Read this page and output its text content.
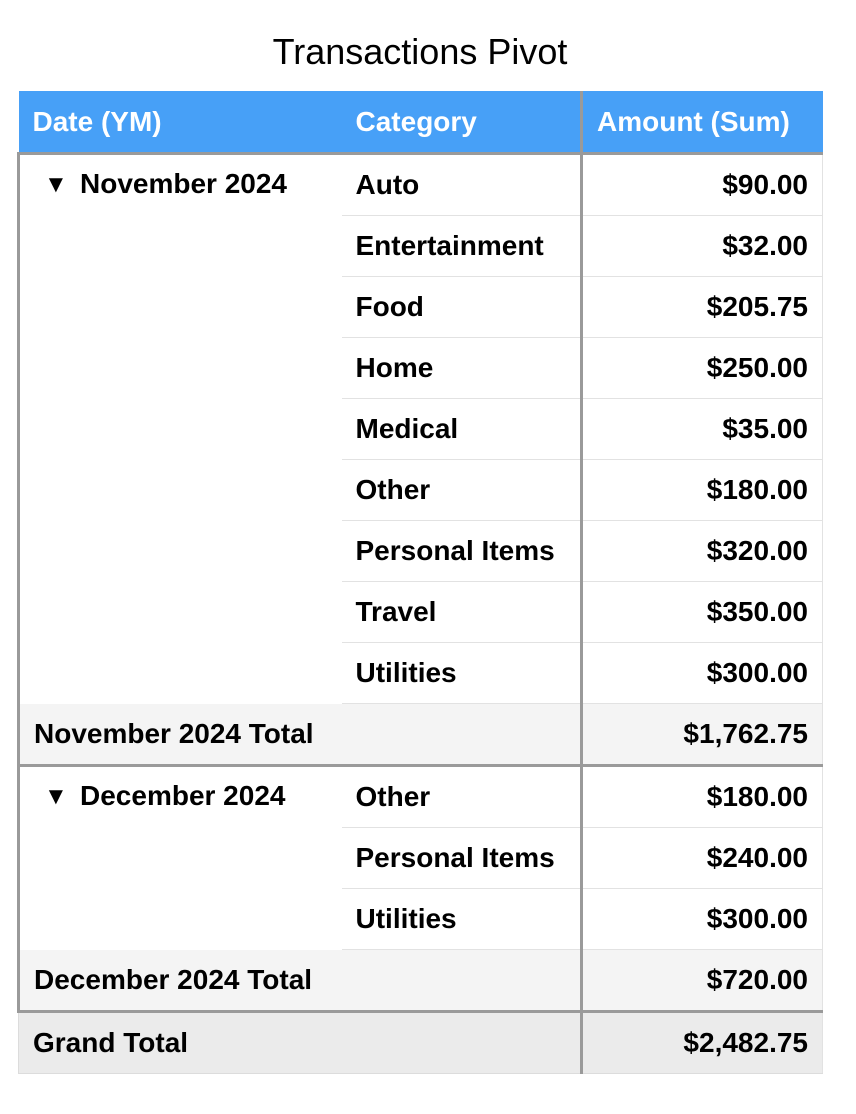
Transactions Pivot
Date (YM)	Category	Amount (Sum)
▼ November 2024	Auto	$90.00
	Entertainment	$32.00
	Food	$205.75
	Home	$250.00
	Medical	$35.00
	Other	$180.00
	Personal Items	$320.00
	Travel	$350.00
	Utilities	$300.00
November 2024 Total		$1,762.75
▼ December 2024	Other	$180.00
	Personal Items	$240.00
	Utilities	$300.00
December 2024 Total		$720.00
Grand Total		$2,482.75
